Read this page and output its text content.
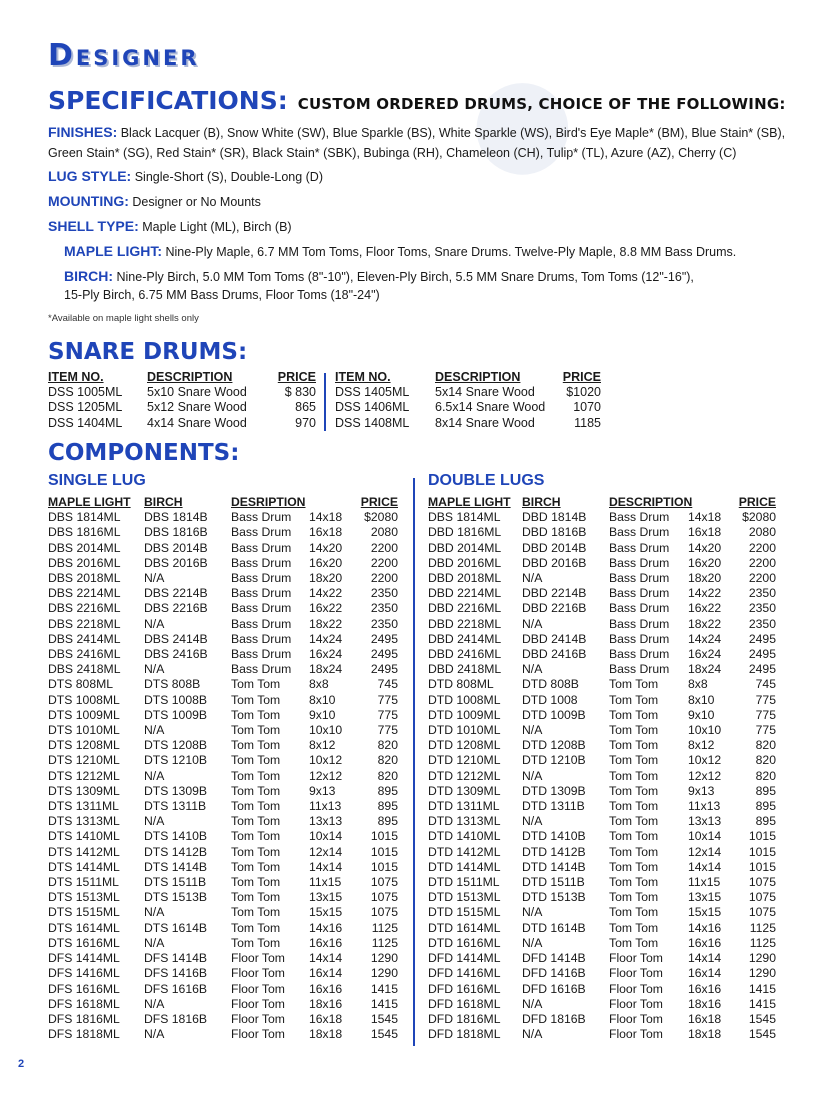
●
Designer
SPECIFICATIONS: CUSTOM ORDERED DRUMS, CHOICE OF THE FOLLOWING:
FINISHES: Black Lacquer (B), Snow White (SW), Blue Sparkle (BS), White Sparkle (WS), Bird's Eye Maple* (BM), Blue Stain* (SB),
Green Stain* (SG), Red Stain* (SR), Black Stain* (SBK), Bubinga (RH), Chameleon (CH), Tulip* (TL), Azure (AZ), Cherry (C)
LUG STYLE: Single-Short (S), Double-Long (D)
MOUNTING: Designer or No Mounts
SHELL TYPE: Maple Light (ML), Birch (B)
MAPLE LIGHT: Nine-Ply Maple, 6.7 MM Tom Toms, Floor Toms, Snare Drums. Twelve-Ply Maple, 8.8 MM Bass Drums.
BIRCH: Nine-Ply Birch, 5.0 MM Tom Toms (8"-10"), Eleven-Ply Birch, 5.5 MM Snare Drums, Tom Toms (12"-16"),
15-Ply Birch, 6.75 MM Bass Drums, Floor Toms (18"-24")
*Available on maple light shells only
SNARE DRUMS:
ITEM NO.	DESCRIPTION	PRICE
DSS 1005ML	5x10 Snare Wood	$ 830
DSS 1205ML	5x12 Snare Wood	865
DSS 1404ML	4x14 Snare Wood	970
ITEM NO.	DESCRIPTION	PRICE
DSS 1405ML	5x14 Snare Wood	$1020
DSS 1406ML	6.5x14 Snare Wood	1070
DSS 1408ML	8x14 Snare Wood	1185
COMPONENTS:
SINGLE LUG	DOUBLE LUGS
MAPLE LIGHT	BIRCH	DESRIPTION		PRICE
DBS 1814ML	DBS 1814B	Bass Drum	14x18	$2080
DBS 1816ML	DBS 1816B	Bass Drum	16x18	2080
DBS 2014ML	DBS 2014B	Bass Drum	14x20	2200
DBS 2016ML	DBS 2016B	Bass Drum	16x20	2200
DBS 2018ML	N/A	Bass Drum	18x20	2200
DBS 2214ML	DBS 2214B	Bass Drum	14x22	2350
DBS 2216ML	DBS 2216B	Bass Drum	16x22	2350
DBS 2218ML	N/A	Bass Drum	18x22	2350
DBS 2414ML	DBS 2414B	Bass Drum	14x24	2495
DBS 2416ML	DBS 2416B	Bass Drum	16x24	2495
DBS 2418ML	N/A	Bass Drum	18x24	2495
DTS 808ML	DTS 808B	Tom Tom	8x8	745
DTS 1008ML	DTS 1008B	Tom Tom	8x10	775
DTS 1009ML	DTS 1009B	Tom Tom	9x10	775
DTS 1010ML	N/A	Tom Tom	10x10	775
DTS 1208ML	DTS 1208B	Tom Tom	8x12	820
DTS 1210ML	DTS 1210B	Tom Tom	10x12	820
DTS 1212ML	N/A	Tom Tom	12x12	820
DTS 1309ML	DTS 1309B	Tom Tom	9x13	895
DTS 1311ML	DTS 1311B	Tom Tom	11x13	895
DTS 1313ML	N/A	Tom Tom	13x13	895
DTS 1410ML	DTS 1410B	Tom Tom	10x14	1015
DTS 1412ML	DTS 1412B	Tom Tom	12x14	1015
DTS 1414ML	DTS 1414B	Tom Tom	14x14	1015
DTS 1511ML	DTS 1511B	Tom Tom	11x15	1075
DTS 1513ML	DTS 1513B	Tom Tom	13x15	1075
DTS 1515ML	N/A	Tom Tom	15x15	1075
DTS 1614ML	DTS 1614B	Tom Tom	14x16	1125
DTS 1616ML	N/A	Tom Tom	16x16	1125
DFS 1414ML	DFS 1414B	Floor Tom	14x14	1290
DFS 1416ML	DFS 1416B	Floor Tom	16x14	1290
DFS 1616ML	DFS 1616B	Floor Tom	16x16	1415
DFS 1618ML	N/A	Floor Tom	18x16	1415
DFS 1816ML	DFS 1816B	Floor Tom	16x18	1545
DFS 1818ML	N/A	Floor Tom	18x18	1545
MAPLE LIGHT	BIRCH	DESCRIPTION		PRICE
DBS 1814ML	DBD 1814B	Bass Drum	14x18	$2080
DBD 1816ML	DBD 1816B	Bass Drum	16x18	2080
DBD 2014ML	DBD 2014B	Bass Drum	14x20	2200
DBD 2016ML	DBD 2016B	Bass Drum	16x20	2200
DBD 2018ML	N/A	Bass Drum	18x20	2200
DBD 2214ML	DBD 2214B	Bass Drum	14x22	2350
DBD 2216ML	DBD 2216B	Bass Drum	16x22	2350
DBD 2218ML	N/A	Bass Drum	18x22	2350
DBD 2414ML	DBD 2414B	Bass Drum	14x24	2495
DBD 2416ML	DBD 2416B	Bass Drum	16x24	2495
DBD 2418ML	N/A	Bass Drum	18x24	2495
DTD 808ML	DTD 808B	Tom Tom	8x8	745
DTD 1008ML	DTD 1008	Tom Tom	8x10	775
DTD 1009ML	DTD 1009B	Tom Tom	9x10	775
DTD 1010ML	N/A	Tom Tom	10x10	775
DTD 1208ML	DTD 1208B	Tom Tom	8x12	820
DTD 1210ML	DTD 1210B	Tom Tom	10x12	820
DTD 1212ML	N/A	Tom Tom	12x12	820
DTD 1309ML	DTD 1309B	Tom Tom	9x13	895
DTD 1311ML	DTD 1311B	Tom Tom	11x13	895
DTD 1313ML	N/A	Tom Tom	13x13	895
DTD 1410ML	DTD 1410B	Tom Tom	10x14	1015
DTD 1412ML	DTD 1412B	Tom Tom	12x14	1015
DTD 1414ML	DTD 1414B	Tom Tom	14x14	1015
DTD 1511ML	DTD 1511B	Tom Tom	11x15	1075
DTD 1513ML	DTD 1513B	Tom Tom	13x15	1075
DTD 1515ML	N/A	Tom Tom	15x15	1075
DTD 1614ML	DTD 1614B	Tom Tom	14x16	1125
DTD 1616ML	N/A	Tom Tom	16x16	1125
DFD 1414ML	DFD 1414B	Floor Tom	14x14	1290
DFD 1416ML	DFD 1416B	Floor Tom	16x14	1290
DFD 1616ML	DFD 1616B	Floor Tom	16x16	1415
DFD 1618ML	N/A	Floor Tom	18x16	1415
DFD 1816ML	DFD 1816B	Floor Tom	16x18	1545
DFD 1818ML	N/A	Floor Tom	18x18	1545
2
